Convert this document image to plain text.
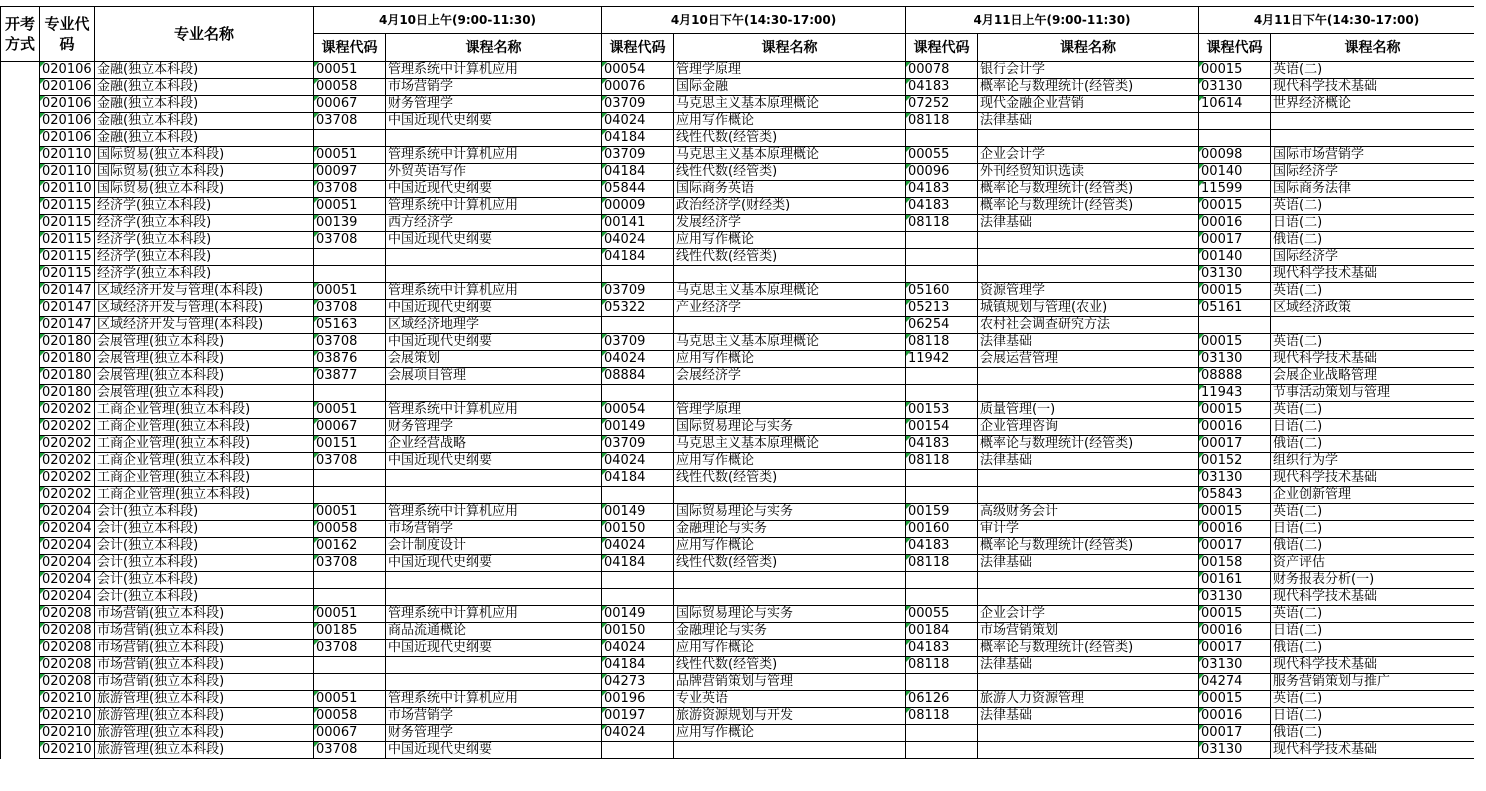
开考方式	专业代码	专业名称	4月10日上午(9:00-11:30)		4月10日下午(14:30-17:00)		4月11日上午(9:00-11:30)		4月11日下午(14:30-17:00)	
			课程代码	课程名称	课程代码	课程名称	课程代码	课程名称	课程代码	课程名称
	020106	金融(独立本科段)	00051	管理系统中计算机应用	00054	管理学原理	00078	银行会计学	00015	英语(二)
	020106	金融(独立本科段)	00058	市场营销学	00076	国际金融	04183	概率论与数理统计(经管类)	03130	现代科学技术基础
	020106	金融(独立本科段)	00067	财务管理学	03709	马克思主义基本原理概论	07252	现代金融企业营销	10614	世界经济概论
	020106	金融(独立本科段)	03708	中国近现代史纲要	04024	应用写作概论	08118	法律基础		
	020106	金融(独立本科段)			04184	线性代数(经管类)				
	020110	国际贸易(独立本科段)	00051	管理系统中计算机应用	03709	马克思主义基本原理概论	00055	企业会计学	00098	国际市场营销学
	020110	国际贸易(独立本科段)	00097	外贸英语写作	04184	线性代数(经管类)	00096	外刊经贸知识选读	00140	国际经济学
	020110	国际贸易(独立本科段)	03708	中国近现代史纲要	05844	国际商务英语	04183	概率论与数理统计(经管类)	11599	国际商务法律
	020115	经济学(独立本科段)	00051	管理系统中计算机应用	00009	政治经济学(财经类)	04183	概率论与数理统计(经管类)	00015	英语(二)
	020115	经济学(独立本科段)	00139	西方经济学	00141	发展经济学	08118	法律基础	00016	日语(二)
	020115	经济学(独立本科段)	03708	中国近现代史纲要	04024	应用写作概论			00017	俄语(二)
	020115	经济学(独立本科段)			04184	线性代数(经管类)			00140	国际经济学
	020115	经济学(独立本科段)							03130	现代科学技术基础
	020147	区域经济开发与管理(本科段)	00051	管理系统中计算机应用	03709	马克思主义基本原理概论	05160	资源管理学	00015	英语(二)
	020147	区域经济开发与管理(本科段)	03708	中国近现代史纲要	05322	产业经济学	05213	城镇规划与管理(农业)	05161	区域经济政策
	020147	区域经济开发与管理(本科段)	05163	区域经济地理学			06254	农村社会调查研究方法		
	020180	会展管理(独立本科段)	03708	中国近现代史纲要	03709	马克思主义基本原理概论	08118	法律基础	00015	英语(二)
	020180	会展管理(独立本科段)	03876	会展策划	04024	应用写作概论	11942	会展运营管理	03130	现代科学技术基础
	020180	会展管理(独立本科段)	03877	会展项目管理	08884	会展经济学			08888	会展企业战略管理
	020180	会展管理(独立本科段)							11943	节事活动策划与管理
	020202	工商企业管理(独立本科段)	00051	管理系统中计算机应用	00054	管理学原理	00153	质量管理(一)	00015	英语(二)
	020202	工商企业管理(独立本科段)	00067	财务管理学	00149	国际贸易理论与实务	00154	企业管理咨询	00016	日语(二)
	020202	工商企业管理(独立本科段)	00151	企业经营战略	03709	马克思主义基本原理概论	04183	概率论与数理统计(经管类)	00017	俄语(二)
	020202	工商企业管理(独立本科段)	03708	中国近现代史纲要	04024	应用写作概论	08118	法律基础	00152	组织行为学
	020202	工商企业管理(独立本科段)			04184	线性代数(经管类)			03130	现代科学技术基础
	020202	工商企业管理(独立本科段)							05843	企业创新管理
	020204	会计(独立本科段)	00051	管理系统中计算机应用	00149	国际贸易理论与实务	00159	高级财务会计	00015	英语(二)
	020204	会计(独立本科段)	00058	市场营销学	00150	金融理论与实务	00160	审计学	00016	日语(二)
	020204	会计(独立本科段)	00162	会计制度设计	04024	应用写作概论	04183	概率论与数理统计(经管类)	00017	俄语(二)
	020204	会计(独立本科段)	03708	中国近现代史纲要	04184	线性代数(经管类)	08118	法律基础	00158	资产评估
	020204	会计(独立本科段)							00161	财务报表分析(一)
	020204	会计(独立本科段)							03130	现代科学技术基础
	020208	市场营销(独立本科段)	00051	管理系统中计算机应用	00149	国际贸易理论与实务	00055	企业会计学	00015	英语(二)
	020208	市场营销(独立本科段)	00185	商品流通概论	00150	金融理论与实务	00184	市场营销策划	00016	日语(二)
	020208	市场营销(独立本科段)	03708	中国近现代史纲要	04024	应用写作概论	04183	概率论与数理统计(经管类)	00017	俄语(二)
	020208	市场营销(独立本科段)			04184	线性代数(经管类)	08118	法律基础	03130	现代科学技术基础
	020208	市场营销(独立本科段)			04273	品牌营销策划与管理			04274	服务营销策划与推广
	020210	旅游管理(独立本科段)	00051	管理系统中计算机应用	00196	专业英语	06126	旅游人力资源管理	00015	英语(二)
	020210	旅游管理(独立本科段)	00058	市场营销学	00197	旅游资源规划与开发	08118	法律基础	00016	日语(二)
	020210	旅游管理(独立本科段)	00067	财务管理学	04024	应用写作概论			00017	俄语(二)
	020210	旅游管理(独立本科段)	03708	中国近现代史纲要					03130	现代科学技术基础
